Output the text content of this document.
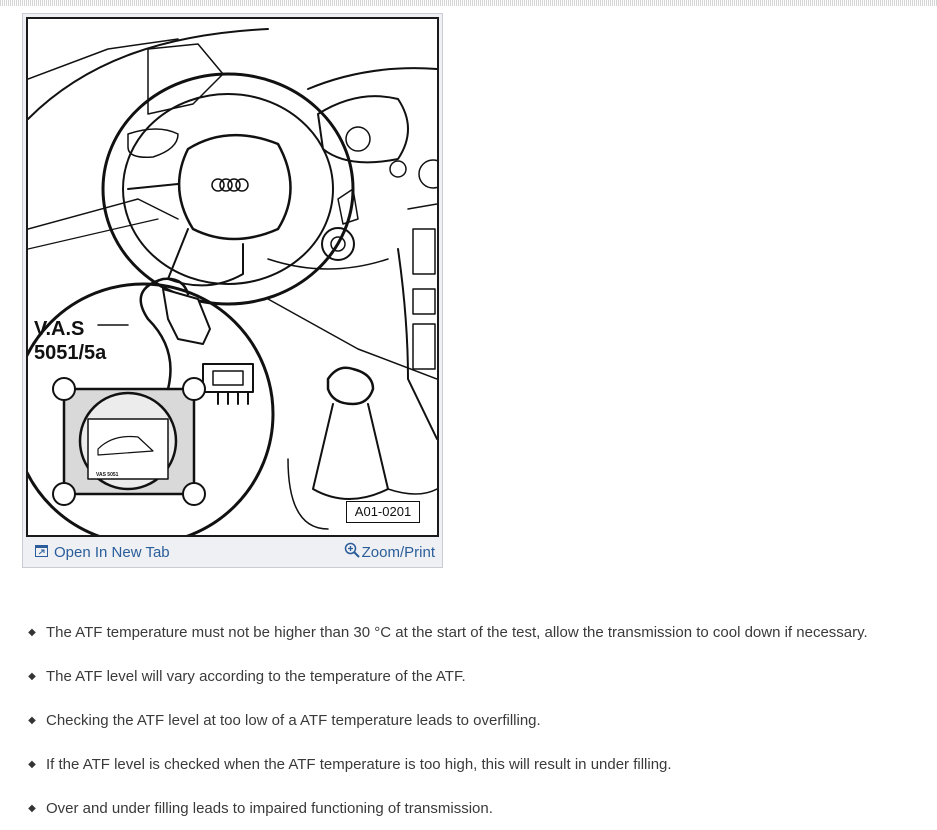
V.A.S
5051/5a
VAS 5051
A01-0201
Open In New Tab	Zoom/Print
◆ The ATF temperature must not be higher than 30 °C at the start of the test, allow the transmission to cool down if necessary.
◆ The ATF level will vary according to the temperature of the ATF.
◆ Checking the ATF level at too low of a ATF temperature leads to overfilling.
◆ If the ATF level is checked when the ATF temperature is too high, this will result in under filling.
◆ Over and under filling leads to impaired functioning of transmission.
